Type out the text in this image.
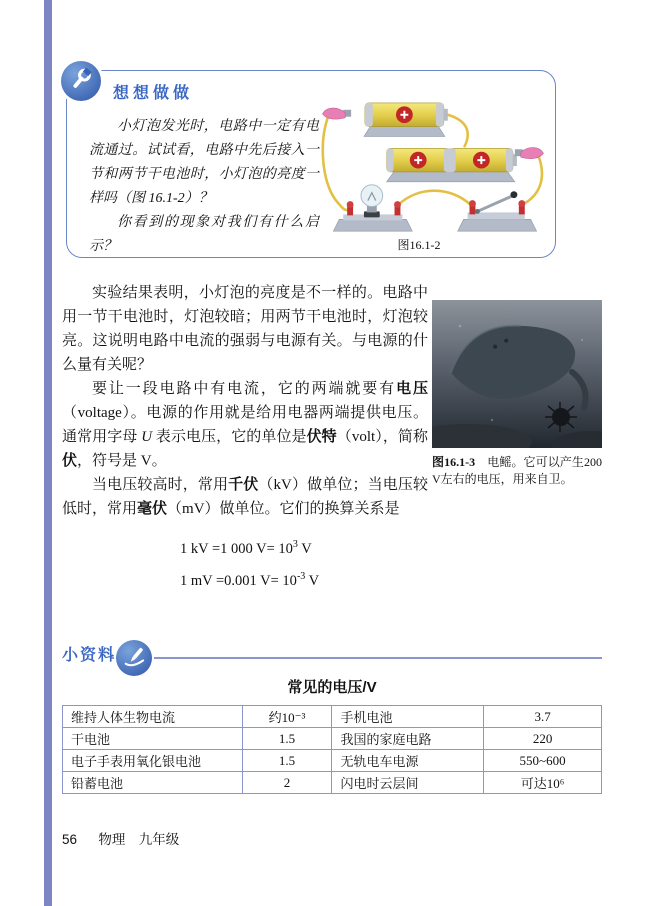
想想做做

小灯泡发光时，电路中一定有电流通过。试试看，电路中先后接入一节和两节干电池时，小灯泡的亮度一样吗（图 16.1-2）？

你看到的现象对我们有什么启示？	图16.1-2

实验结果表明，小灯泡的亮度是不一样的。电路中用一节干电池时，灯泡较暗；用两节干电池时，灯泡较亮。这说明电路中电流的强弱与电源有关。与电源的什么量有关呢？

要让一段电路中有电流，它的两端就要有电压（voltage）。电源的作用就是给用电器两端提供电压。通常用字母 U 表示电压，它的单位是伏特（volt），简称伏，符号是 V。

当电压较高时，常用千伏（kV）做单位；当电压较低时，常用毫伏（mV）做单位。它们的换算关系是

1 kV =1 000 $V= 10^3$ V
1 mV =0.001 $V= 10^{-3}$ V
图16.1-3　电鳐。它可以产生200 V左右的电压，用来自卫。
小资料
常见的电压/V
维持人体生物电流	约10⁻³	手机电池	3.7
干电池	1.5	我国的家庭电路	220
电子手表用氧化银电池	1.5	无轨电车电源	550~600
铅蓄电池	2	闪电时云层间	可达10⁶
56 物理 九年级
